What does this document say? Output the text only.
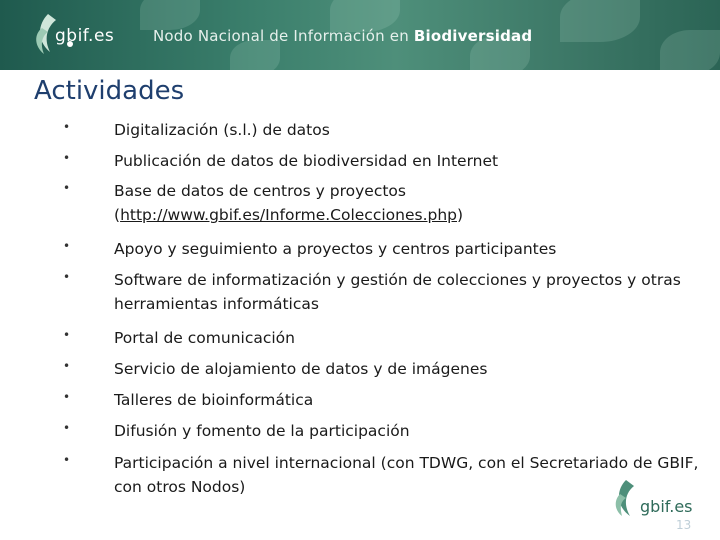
gbif.es	Nodo Nacional de Información en Biodiversidad
Actividades
•	Digitalización (s.l.) de datos
•	Publicación de datos de biodiversidad en Internet
•	Base de datos de centros y proyectos
(http://www.gbif.es/Informe.Colecciones.php)
•	Apoyo y seguimiento a proyectos y centros participantes
•	Software de informatización y gestión de colecciones y proyectos y otras herramientas informáticas
•	Portal de comunicación
•	Servicio de alojamiento de datos y de imágenes
•	Talleres de bioinformática
•	Difusión y fomento de la participación
•	Participación a nivel internacional (con TDWG, con el Secretariado de GBIF, con otros Nodos)
gbif.es
13
